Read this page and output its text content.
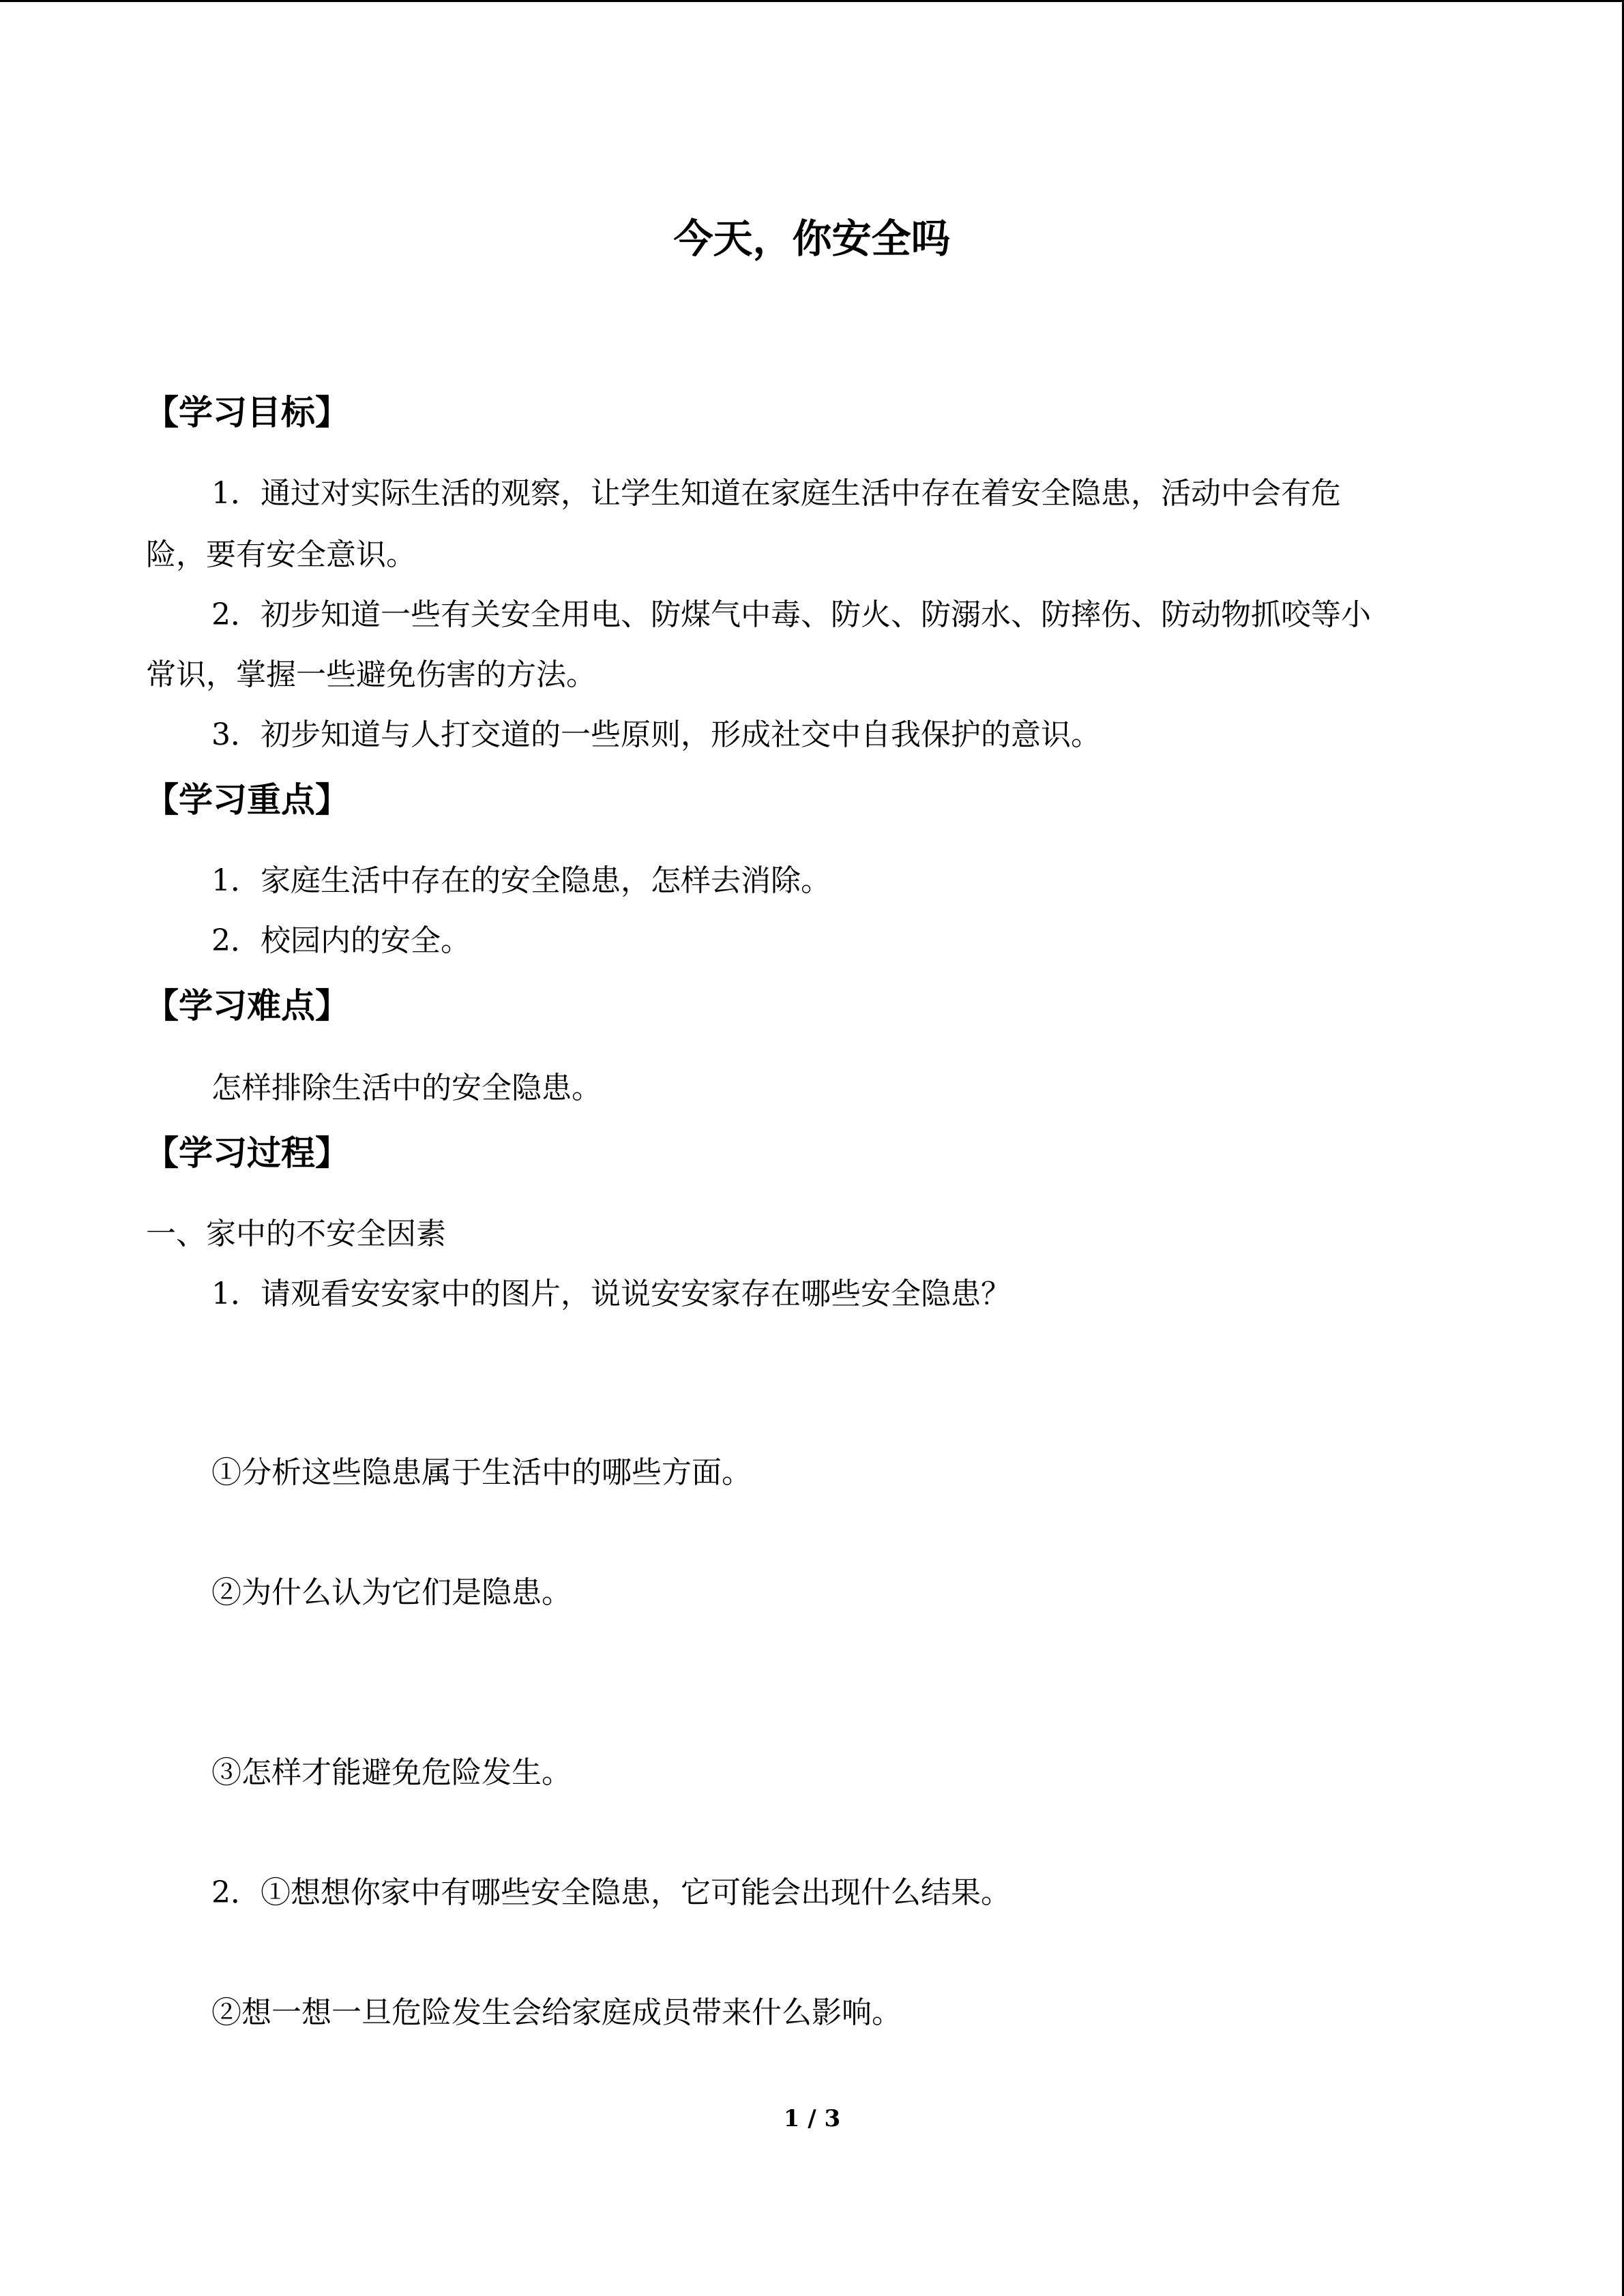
今天，你安全吗
【学习目标】
1．通过对实际生活的观察，让学生知道在家庭生活中存在着安全隐患，活动中会有危
险，要有安全意识。
2．初步知道一些有关安全用电、防煤气中毒、防火、防溺水、防摔伤、防动物抓咬等小
常识，掌握一些避免伤害的方法。
3．初步知道与人打交道的一些原则，形成社交中自我保护的意识。
【学习重点】
1．家庭生活中存在的安全隐患，怎样去消除。
2．校园内的安全。
【学习难点】
怎样排除生活中的安全隐患。
【学习过程】
一、家中的不安全因素
1．请观看安安家中的图片，说说安安家存在哪些安全隐患？
①分析这些隐患属于生活中的哪些方面。
②为什么认为它们是隐患。
③怎样才能避免危险发生。
2．①想想你家中有哪些安全隐患，它可能会出现什么结果。
②想一想一旦危险发生会给家庭成员带来什么影响。
1 / 3
